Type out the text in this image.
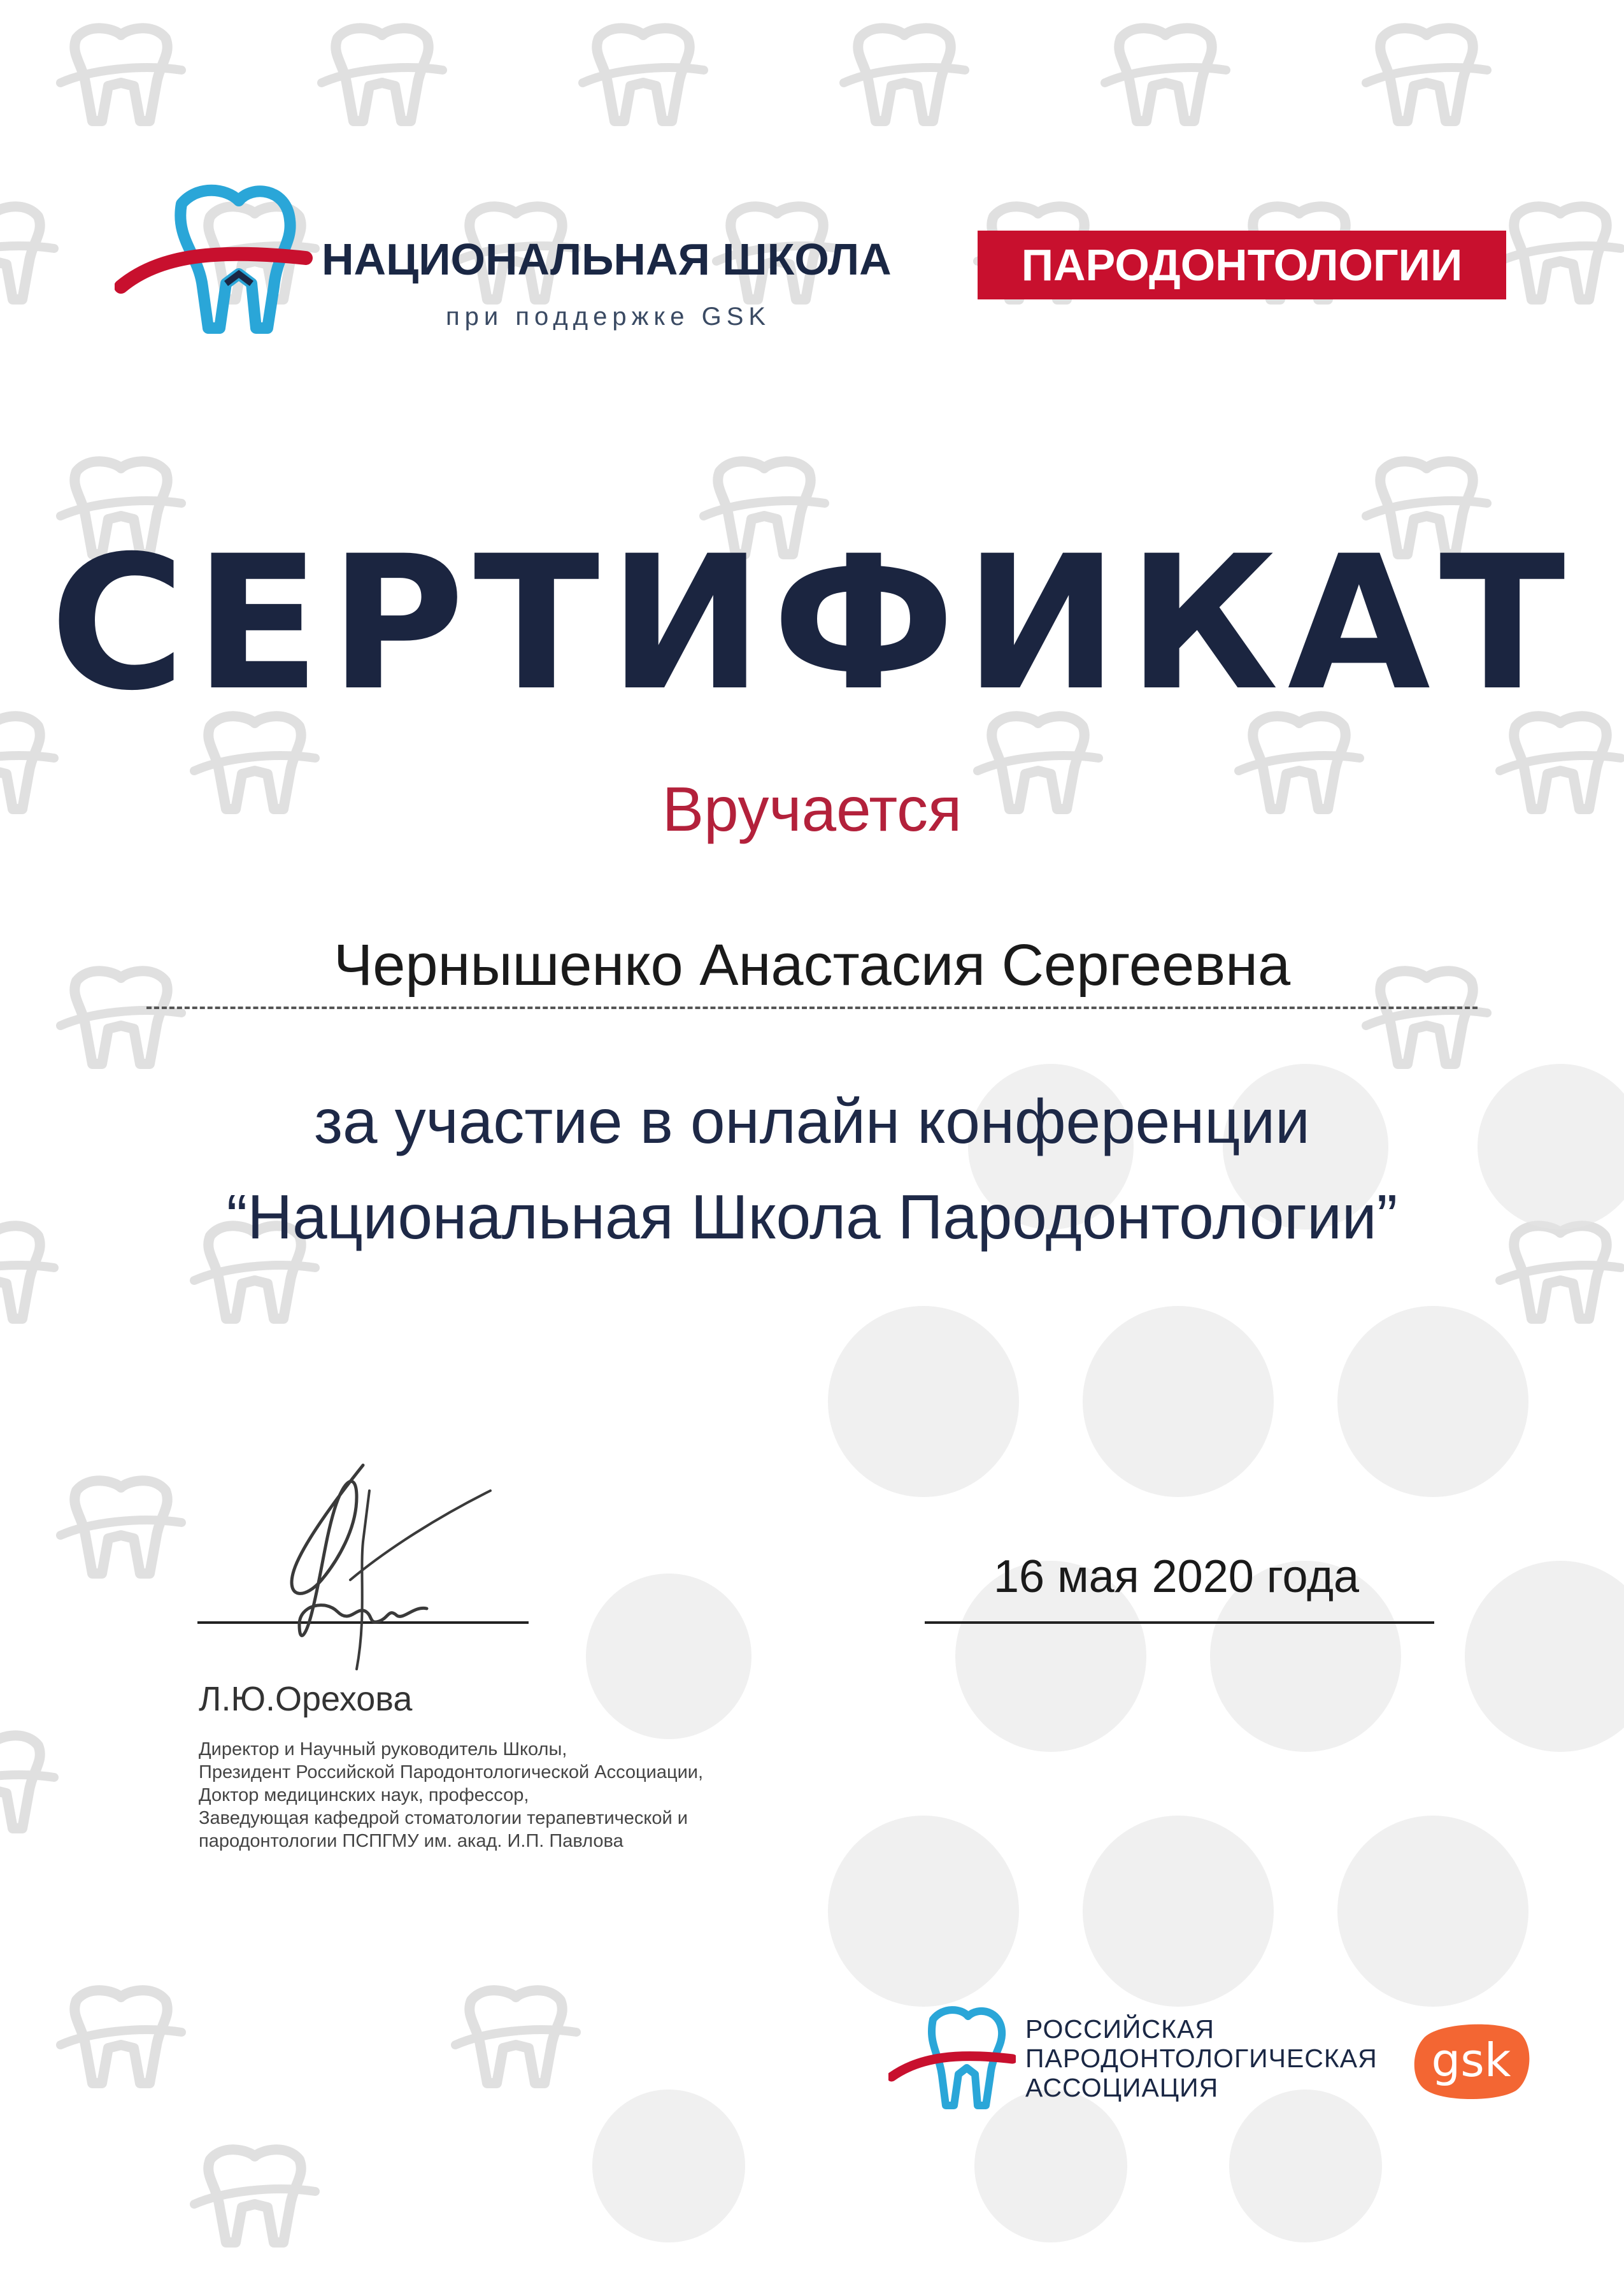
НАЦИОНАЛЬНАЯ ШКОЛА	ПАРОДОНТОЛОГИИ
при поддержке GSK
СЕРТИФИКАТ
Вручается
Чернышенко Анастасия Сергеевна
за участие в онлайн конференции
“Национальная Школа Пародонтологии”
Л.Ю.Орехова
Директор и Научный руководитель Школы,
Президент Российской Пародонтологической Ассоциации,
Доктор медицинских наук, профессор,
Заведующая кафедрой стоматологии терапевтической и
пародонтологии ПСПГМУ им. акад. И.П. Павлова
16 мая 2020 года
РОССИЙСКАЯ
ПАРОДОНТОЛОГИЧЕСКАЯ
АССОЦИАЦИЯ
gsk
